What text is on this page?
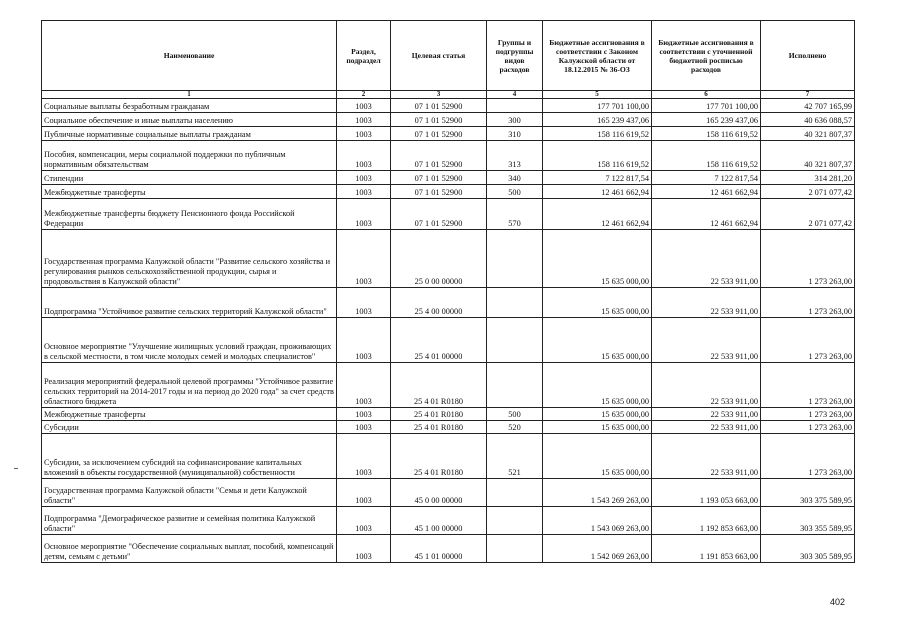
Наименование	Раздел, подраздел	Целевая статья	Группы и подгруппы видов расходов	Бюджетные ассигнования в соответствии с Законом Калужской области от 18.12.2015 № 36-ОЗ	Бюджетные ассигнования в соответствии с уточненной бюджетной росписью расходов	Исполнено
1	2	3	4	5	6	7
Социальные выплаты безработным гражданам	1003	07 1 01 52900		177 701 100,00	177 701 100,00	42 707 165,99
Социальное обеспечение и иные выплаты населению	1003	07 1 01 52900	300	165 239 437,06	165 239 437,06	40 636 088,57
Публичные нормативные социальные выплаты гражданам	1003	07 1 01 52900	310	158 116 619,52	158 116 619,52	40 321 807,37
Пособия, компенсации, меры социальной поддержки по публичным нормативным обязательствам	1003	07 1 01 52900	313	158 116 619,52	158 116 619,52	40 321 807,37
Стипендии	1003	07 1 01 52900	340	7 122 817,54	7 122 817,54	314 281,20
Межбюджетные трансферты	1003	07 1 01 52900	500	12 461 662,94	12 461 662,94	2 071 077,42
Межбюджетные трансферты бюджету Пенсионного фонда Российской Федерации	1003	07 1 01 52900	570	12 461 662,94	12 461 662,94	2 071 077,42
Государственная программа Калужской области "Развитие сельского хозяйства и регулирования рынков сельскохозяйственной продукции, сырья и продовольствия в Калужской области"	1003	25 0 00 00000		15 635 000,00	22 533 911,00	1 273 263,00
Подпрограмма "Устойчивое развитие сельских территорий Калужской области"	1003	25 4 00 00000		15 635 000,00	22 533 911,00	1 273 263,00
Основное мероприятие "Улучшение жилищных условий граждан, проживающих в сельской местности, в том числе молодых семей и молодых специалистов"	1003	25 4 01 00000		15 635 000,00	22 533 911,00	1 273 263,00
Реализация мероприятий федеральной целевой программы "Устойчивое развитие сельских территорий на 2014-2017 годы и на период до 2020 года" за счет средств областного бюджета	1003	25 4 01 R0180		15 635 000,00	22 533 911,00	1 273 263,00
Межбюджетные трансферты	1003	25 4 01 R0180	500	15 635 000,00	22 533 911,00	1 273 263,00
Субсидии	1003	25 4 01 R0180	520	15 635 000,00	22 533 911,00	1 273 263,00
Субсидии, за исключением субсидий на софинансирование капитальных вложений в объекты государственной (муниципальной) собственности	1003	25 4 01 R0180	521	15 635 000,00	22 533 911,00	1 273 263,00
Государственная программа Калужской области "Семья и дети Калужской области"	1003	45 0 00 00000		1 543 269 263,00	1 193 053 663,00	303 375 589,95
Подпрограмма "Демографическое развитие и семейная политика Калужской области"	1003	45 1 00 00000		1 543 069 263,00	1 192 853 663,00	303 355 589,95
Основное мероприятие "Обеспечение социальных выплат, пособий, компенсаций детям, семьям с детьми"	1003	45 1 01 00000		1 542 069 263,00	1 191 853 663,00	303 305 589,95
402
